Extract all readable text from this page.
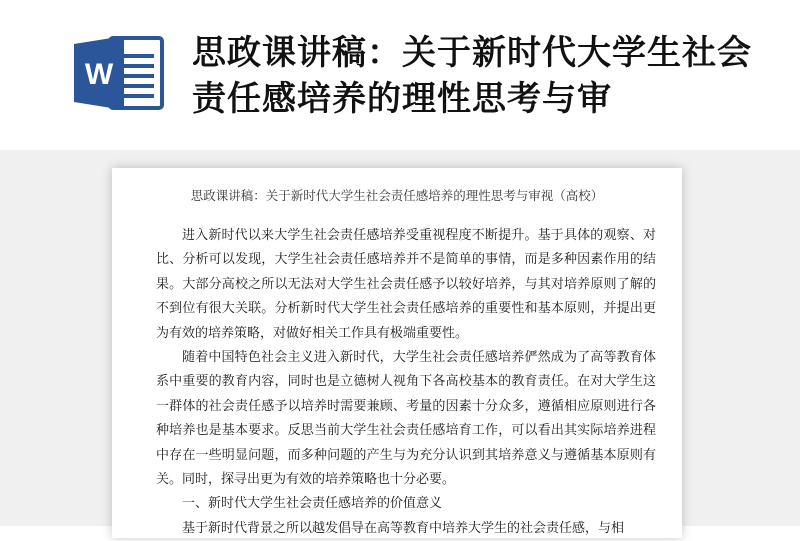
W
思政课讲稿：关于新时代大学生社会责任感培养的理性思考与审
思政课讲稿：关于新时代大学生社会责任感培养的理性思考与审视（高校）

进入新时代以来大学生社会责任感培养受重视程度不断提升。基于具体的观察、对比、分析可以发现，大学生社会责任感培养并不是简单的事情，而是多种因素作用的结果。大部分高校之所以无法对大学生社会责任感予以较好培养，与其对培养原则了解的不到位有很大关联。分析新时代大学生社会责任感培养的重要性和基本原则，并提出更为有效的培养策略，对做好相关工作具有极端重要性。

随着中国特色社会主义进入新时代，大学生社会责任感培养俨然成为了高等教育体系中重要的教育内容，同时也是立德树人视角下各高校基本的教育责任。在对大学生这一群体的社会责任感予以培养时需要兼顾、考量的因素十分众多，遵循相应原则进行各种培养也是基本要求。反思当前大学生社会责任感培育工作，可以看出其实际培养进程中存在一些明显问题，而多种问题的产生与为充分认识到其培养意义与遵循基本原则有关。同时，探寻出更为有效的培养策略也十分必要。

一、新时代大学生社会责任感培养的价值意义

基于新时代背景之所以越发倡导在高等教育中培养大学生的社会责任感，与相
